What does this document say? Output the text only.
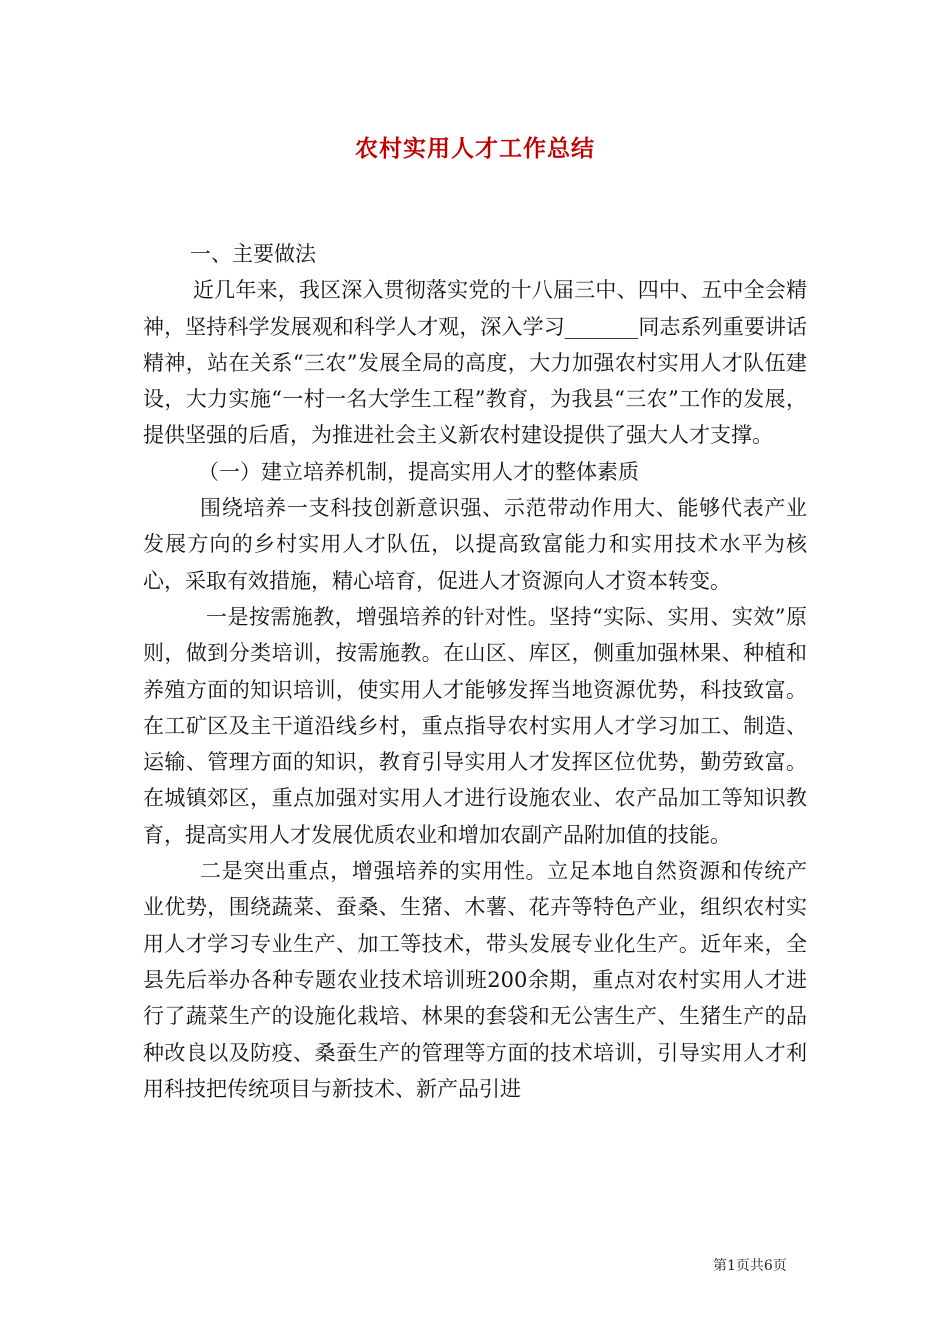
农村实用人才工作总结

一、主要做法

近几年来，我区深入贯彻落实党的十八届三中、四中、五中全会精神，坚持科学发展观和科学人才观，深入学习_______同志系列重要讲话精神，站在关系“三农”发展全局的高度，大力加强农村实用人才队伍建设，大力实施“一村一名大学生工程”教育，为我县“三农”工作的发展，提供坚强的后盾，为推进社会主义新农村建设提供了强大人才支撑。

（一）建立培养机制，提高实用人才的整体素质

围绕培养一支科技创新意识强、示范带动作用大、能够代表产业发展方向的乡村实用人才队伍，以提高致富能力和实用技术水平为核心，采取有效措施，精心培育，促进人才资源向人才资本转变。

一是按需施教，增强培养的针对性。坚持“实际、实用、实效”原则，做到分类培训，按需施教。在山区、库区，侧重加强林果、种植和养殖方面的知识培训，使实用人才能够发挥当地资源优势，科技致富。在工矿区及主干道沿线乡村，重点指导农村实用人才学习加工、制造、运输、管理方面的知识，教育引导实用人才发挥区位优势，勤劳致富。在城镇郊区，重点加强对实用人才进行设施农业、农产品加工等知识教育，提高实用人才发展优质农业和增加农副产品附加值的技能。

二是突出重点，增强培养的实用性。立足本地自然资源和传统产业优势，围绕蔬菜、蚕桑、生猪、木薯、花卉等特色产业，组织农村实用人才学习专业生产、加工等技术，带头发展专业化生产。近年来，全县先后举办各种专题农业技术培训班200余期，重点对农村实用人才进行了蔬菜生产的设施化栽培、林果的套袋和无公害生产、生猪生产的品种改良以及防疫、桑蚕生产的管理等方面的技术培训，引导实用人才利用科技把传统项目与新技术、新产品引进

第1页共6页
